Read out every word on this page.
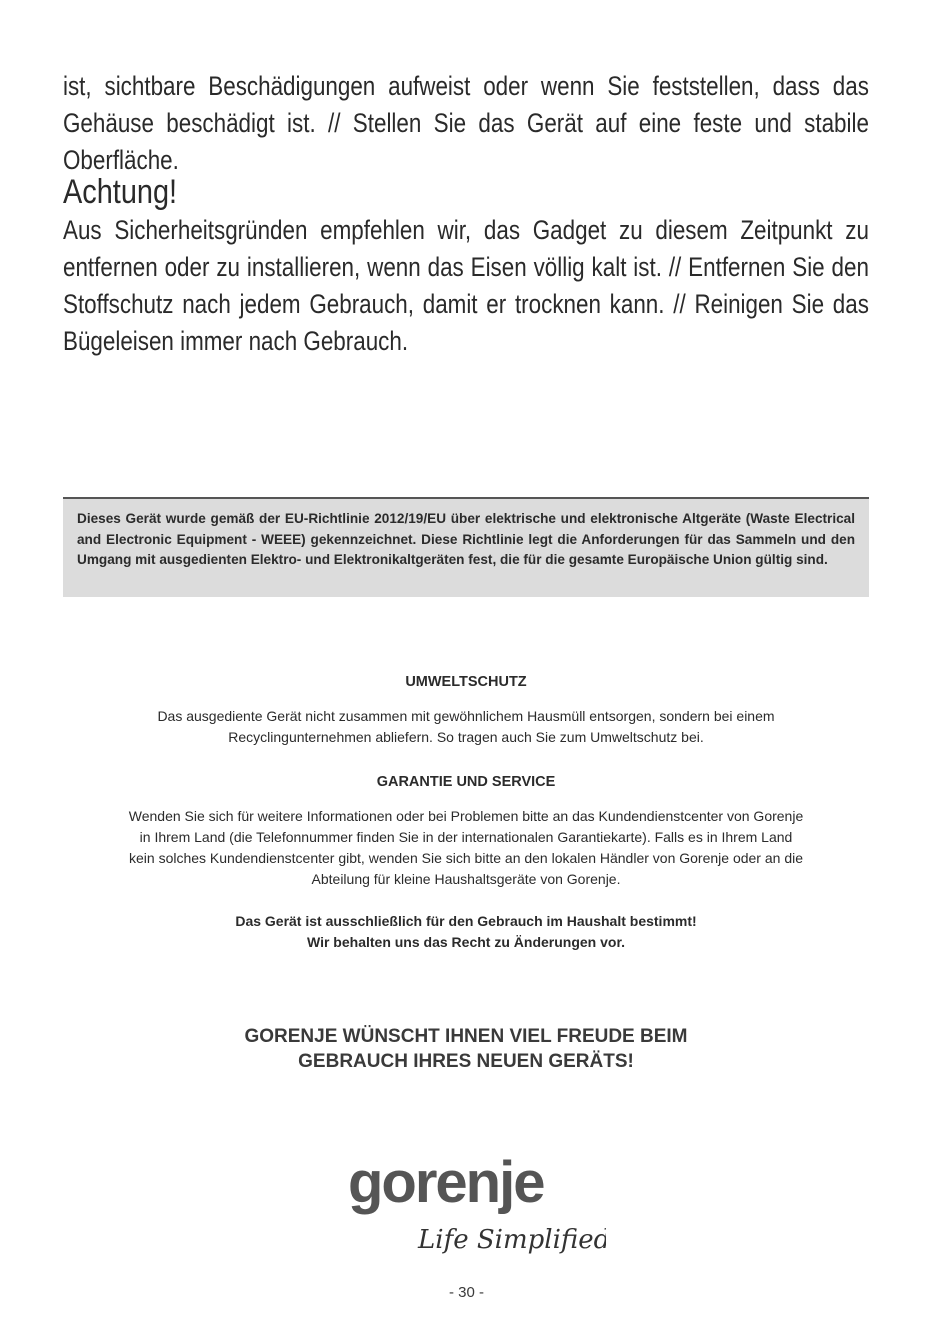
ist, sichtbare Beschädigungen aufweist oder wenn Sie feststellen, dass das Gehäuse beschädigt ist. // Stellen Sie das Gerät auf eine feste und stabile Oberfläche.
Achtung!
Aus Sicherheitsgründen empfehlen wir, das Gadget zu diesem Zeitpunkt zu entfernen oder zu installieren, wenn das Eisen völlig kalt ist. // Entfernen Sie den Stoffschutz nach jedem Gebrauch, damit er trocknen kann. // Reinigen Sie das Bügeleisen immer nach Gebrauch.
Dieses Gerät wurde gemäß der EU-Richtlinie 2012/19/EU über elektrische und elektronische Altgeräte (Waste Electrical and Electronic Equipment - WEEE) gekennzeichnet. Diese Richtlinie legt die Anforderungen für das Sammeln und den Umgang mit ausgedienten Elektro- und Elektronikaltgeräten fest, die für die gesamte Europäische Union gültig sind.
UMWELTSCHUTZ
Das ausgediente Gerät nicht zusammen mit gewöhnlichem Hausmüll entsorgen, sondern bei einem
Recyclingunternehmen abliefern. So tragen auch Sie zum Umweltschutz bei.
GARANTIE UND SERVICE
Wenden Sie sich für weitere Informationen oder bei Problemen bitte an das Kundendienstcenter von Gorenje
in Ihrem Land (die Telefonnummer finden Sie in der internationalen Garantiekarte). Falls es in Ihrem Land
kein solches Kundendienstcenter gibt, wenden Sie sich bitte an den lokalen Händler von Gorenje oder an die
Abteilung für kleine Haushaltsgeräte von Gorenje.
Das Gerät ist ausschließlich für den Gebrauch im Haushalt bestimmt!
Wir behalten uns das Recht zu Änderungen vor.
GORENJE WÜNSCHT IHNEN VIEL FREUDE BEIM
GEBRAUCH IHRES NEUEN GERÄTS!
gorenje
Life Simplified
- 30 -
